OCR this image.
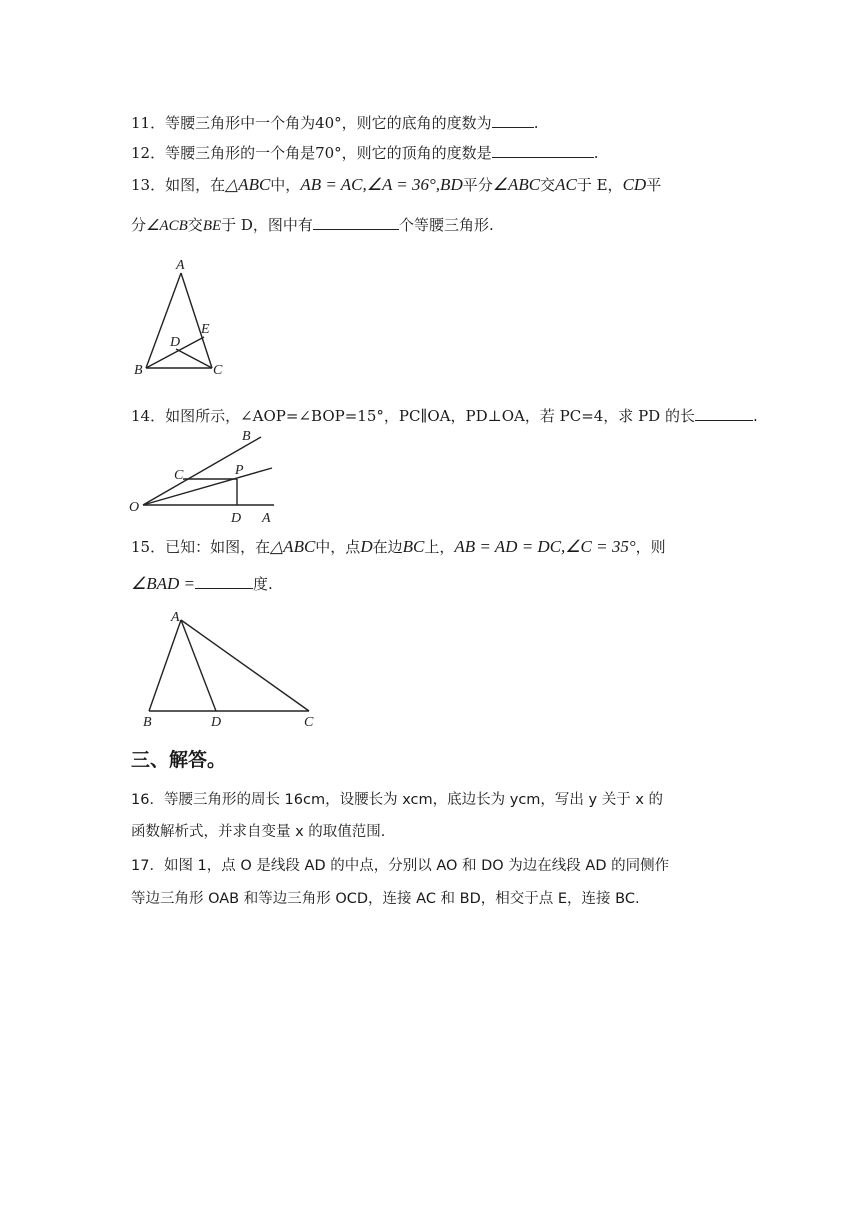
11．等腰三角形中一个角为40°，则它的底角的度数为	.
12．等腰三角形的一个角是70°，则它的顶角的度数是	.
13．如图，在△ABC中，AB = AC,∠A = 36°,BD平分∠ABC交AC于 E，CD平
分∠ACB交BE于 D，图中有	个等腰三角形.
A
B	C
D
E
14．如图所示，∠AOP=∠BOP=15°，PC∥OA，PD⊥OA，若 PC=4，求 PD 的长	.
O
A
B
C	P
D
15．已知：如图，在△ABC中，点D在边BC上，AB = AD = DC,∠C = 35°，则
∠BAD =	度.
A
B	D	C
三、解答。
16．等腰三角形的周长 16cm，设腰长为 xcm，底边长为 ycm，写出 y 关于 x 的
函数解析式，并求自变量 x 的取值范围.
17．如图 1，点 O 是线段 AD 的中点，分别以 AO 和 DO 为边在线段 AD 的同侧作
等边三角形 OAB 和等边三角形 OCD，连接 AC 和 BD，相交于点 E，连接 BC.
